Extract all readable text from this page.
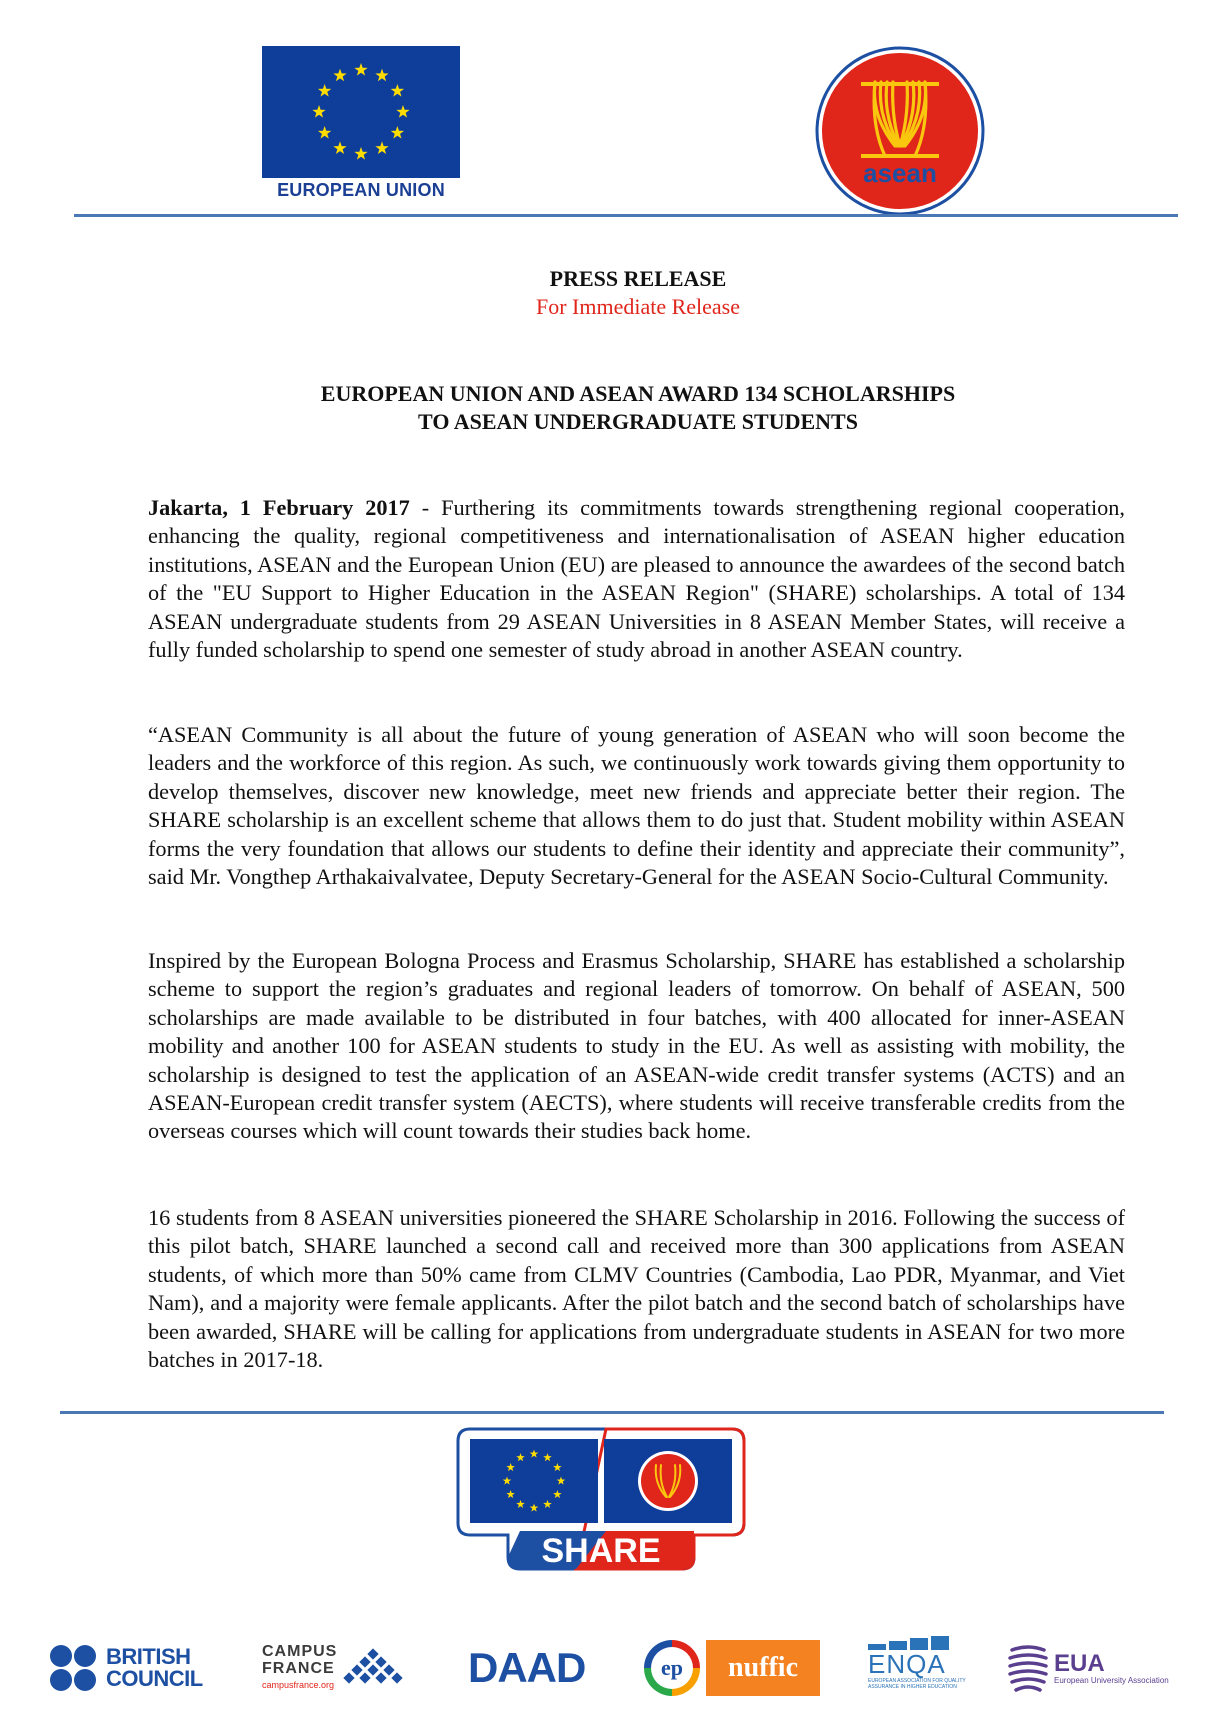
EUROPEAN UNION
asean
PRESS RELEASE
For Immediate Release
EUROPEAN UNION AND ASEAN AWARD 134 SCHOLARSHIPS
TO ASEAN UNDERGRADUATE STUDENTS
Jakarta, 1 February 2017 - Furthering its commitments towards strengthening regional cooperation, enhancing the quality, regional competitiveness and internationalisation of ASEAN higher education institutions, ASEAN and the European Union (EU) are pleased to announce the awardees of the second batch of the "EU Support to Higher Education in the ASEAN Region" (SHARE) scholarships. A total of 134 ASEAN undergraduate students from 29 ASEAN Universities in 8 ASEAN Member States, will receive a fully funded scholarship to spend one semester of study abroad in another ASEAN country.
“ASEAN Community is all about the future of young generation of ASEAN who will soon become the leaders and the workforce of this region. As such, we continuously work towards giving them opportunity to develop themselves, discover new knowledge, meet new friends and appreciate better their region. The SHARE scholarship is an excellent scheme that allows them to do just that. Student mobility within ASEAN forms the very foundation that allows our students to define their identity and appreciate their community”, said Mr. Vongthep Arthakaivalvatee, Deputy Secretary-General for the ASEAN Socio-Cultural Community.
Inspired by the European Bologna Process and Erasmus Scholarship, SHARE has established a scholarship scheme to support the region’s graduates and regional leaders of tomorrow. On behalf of ASEAN, 500 scholarships are made available to be distributed in four batches, with 400 allocated for inner-ASEAN mobility and another 100 for ASEAN students to study in the EU. As well as assisting with mobility, the scholarship is designed to test the application of an ASEAN-wide credit transfer systems (ACTS) and an ASEAN-European credit transfer system (AECTS), where students will receive transferable credits from the overseas courses which will count towards their studies back home.
16 students from 8 ASEAN universities pioneered the SHARE Scholarship in 2016. Following the success of this pilot batch, SHARE launched a second call and received more than 300 applications from ASEAN students, of which more than 50% came from CLMV Countries (Cambodia, Lao PDR, Myanmar, and Viet Nam), and a majority were female applicants. After the pilot batch and the second batch of scholarships have been awarded, SHARE will be calling for applications from undergraduate students in ASEAN for two more batches in 2017-18.
SHARE
BRITISH
COUNCIL
CAMPUS
FRANCE
campusfrance.org	DAAD	ep	nuffic	ENQA
EUROPEAN ASSOCIATION FOR QUALITY ASSURANCE IN HIGHER EDUCATION
EUA
European University Association
